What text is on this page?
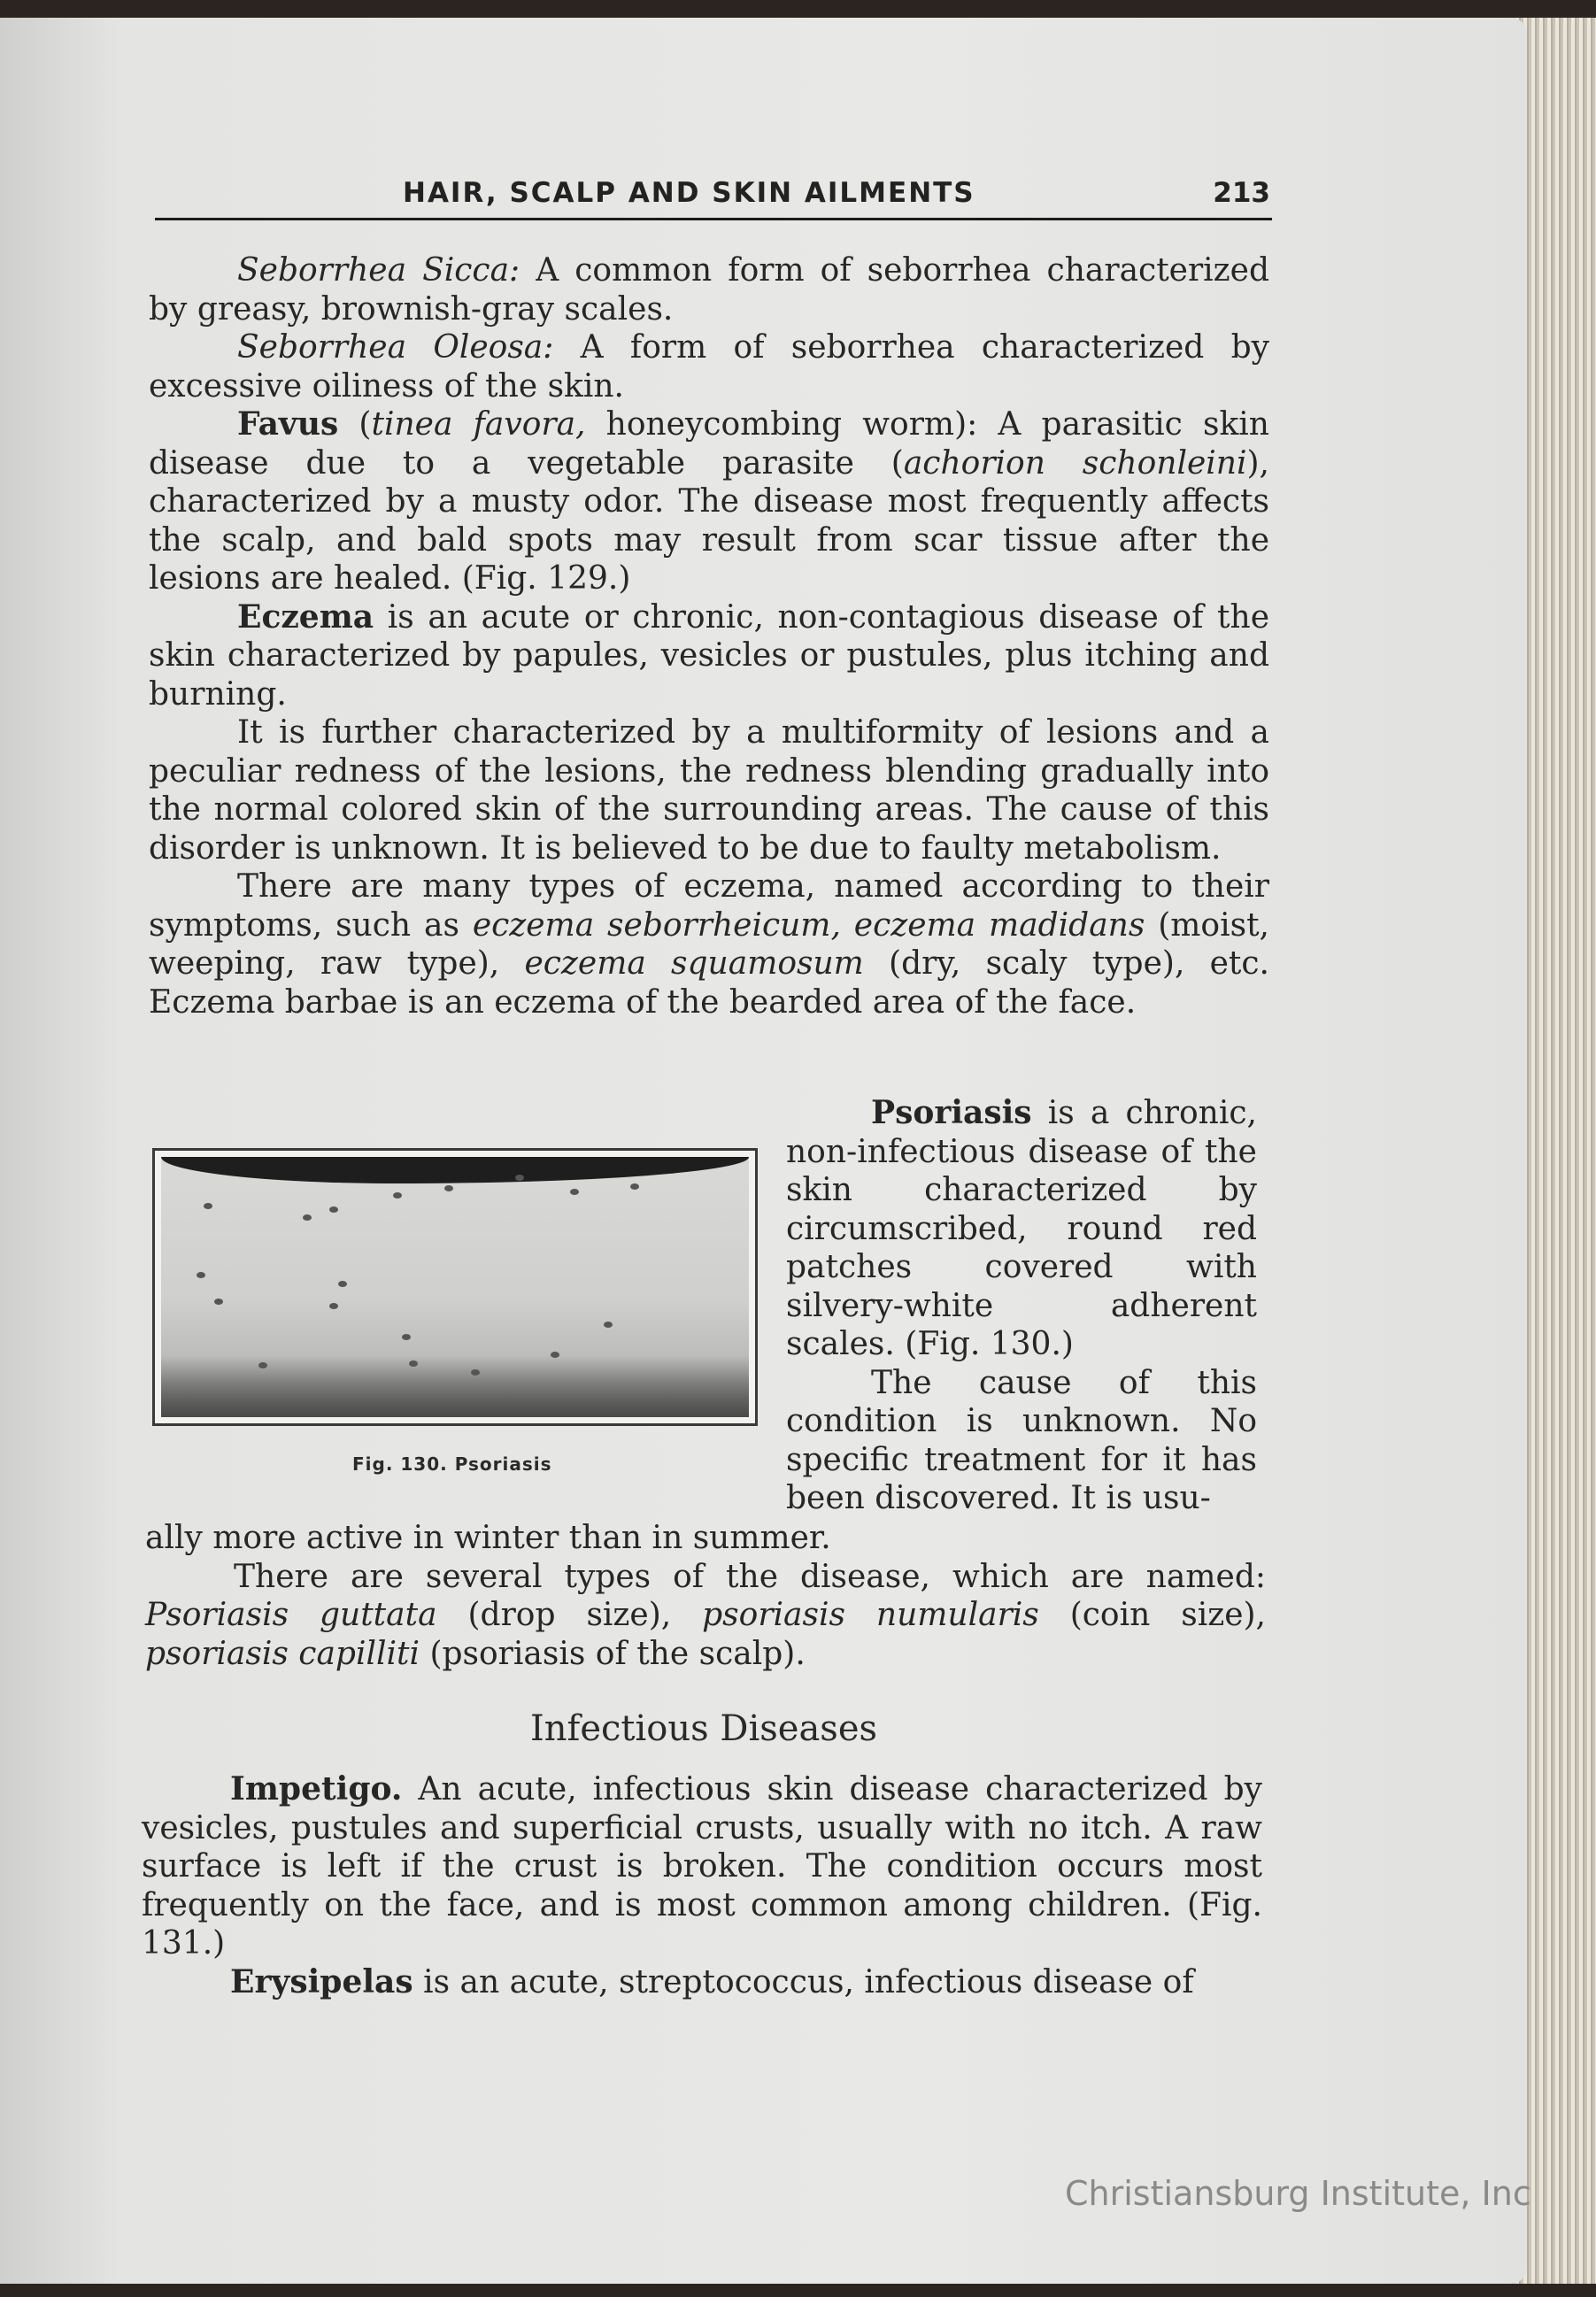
HAIR, SCALP AND SKIN AILMENTS	213

Seborrhea Sicca: A common form of seborrhea characterized by greasy, brownish-gray scales.

Seborrhea Oleosa: A form of seborrhea characterized by excessive oiliness of the skin.

Favus (tinea favora, honeycombing worm): A parasitic skin disease due to a vegetable parasite (achorion schonleini), characterized by a musty odor. The disease most frequently affects the scalp, and bald spots may result from scar tissue after the lesions are healed. (Fig. 129.)

Eczema is an acute or chronic, non-contagious disease of the skin characterized by papules, vesicles or pustules, plus itching and burning.

It is further characterized by a multiformity of lesions and a peculiar redness of the lesions, the redness blending gradually into the normal colored skin of the surrounding areas. The cause of this disorder is unknown. It is believed to be due to faulty metabolism.

There are many types of eczema, named according to their symptoms, such as eczema seborrheicum, eczema madidans (moist, weeping, raw type), eczema squamosum (dry, scaly type), etc. Eczema barbae is an eczema of the bearded area of the face.

Fig. 130. Psoriasis

Psoriasis is a chronic, non-infectious disease of the skin characterized by circumscribed, round red patches covered with silvery-white adherent scales. (Fig. 130.)

The cause of this condition is unknown. No specific treatment for it has been discovered. It is usu-

ally more active in winter than in summer.

There are several types of the disease, which are named: Psoriasis guttata (drop size), psoriasis numularis (coin size), psoriasis capilliti (psoriasis of the scalp).

Infectious Diseases

Impetigo. An acute, infectious skin disease characterized by vesicles, pustules and superficial crusts, usually with no itch. A raw surface is left if the crust is broken. The condition occurs most frequently on the face, and is most common among children. (Fig. 131.)

Erysipelas is an acute, streptococcus, infectious disease of

Christiansburg Institute, Inc
